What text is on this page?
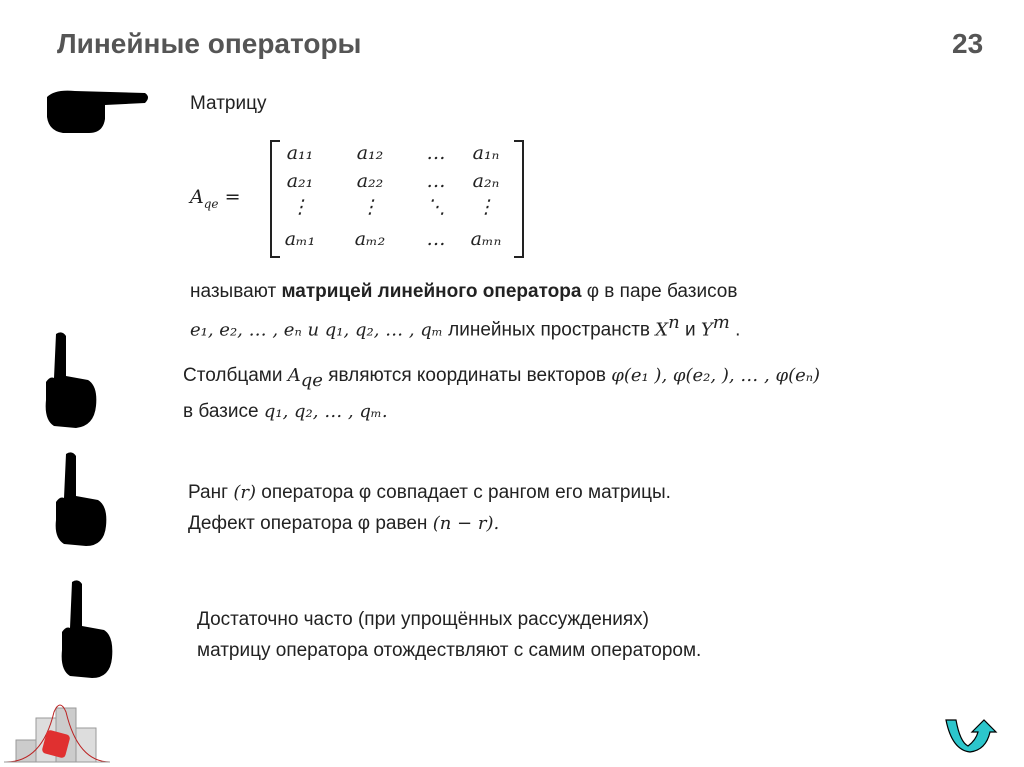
Линейные операторы	23
Матрицу
$A_{qe}$ =
a₁₁	a₁₂	…	a₁ₙ
a₂₁	a₂₂	…	a₂ₙ
⋮	⋮	⋱	⋮
aₘ₁	aₘ₂	…	aₘₙ
называют матрицей линейного оператора φ в паре базисов
e₁, e₂, … , eₙ и q₁, q₂, … , qₘ линейных пространств $X^n$ и $Y^m$ .
Столбцами $A_{qe}$ являются координаты векторов φ(e₁ ), φ(e₂, ), … , φ(eₙ)
в базисе q₁, q₂, … , qₘ.
Ранг (r) оператора φ совпадает с рангом его матрицы.
Дефект оператора φ равен (n − r).
Достаточно часто (при упрощённых рассуждениях)
матрицу оператора отождествляют с самим оператором.
